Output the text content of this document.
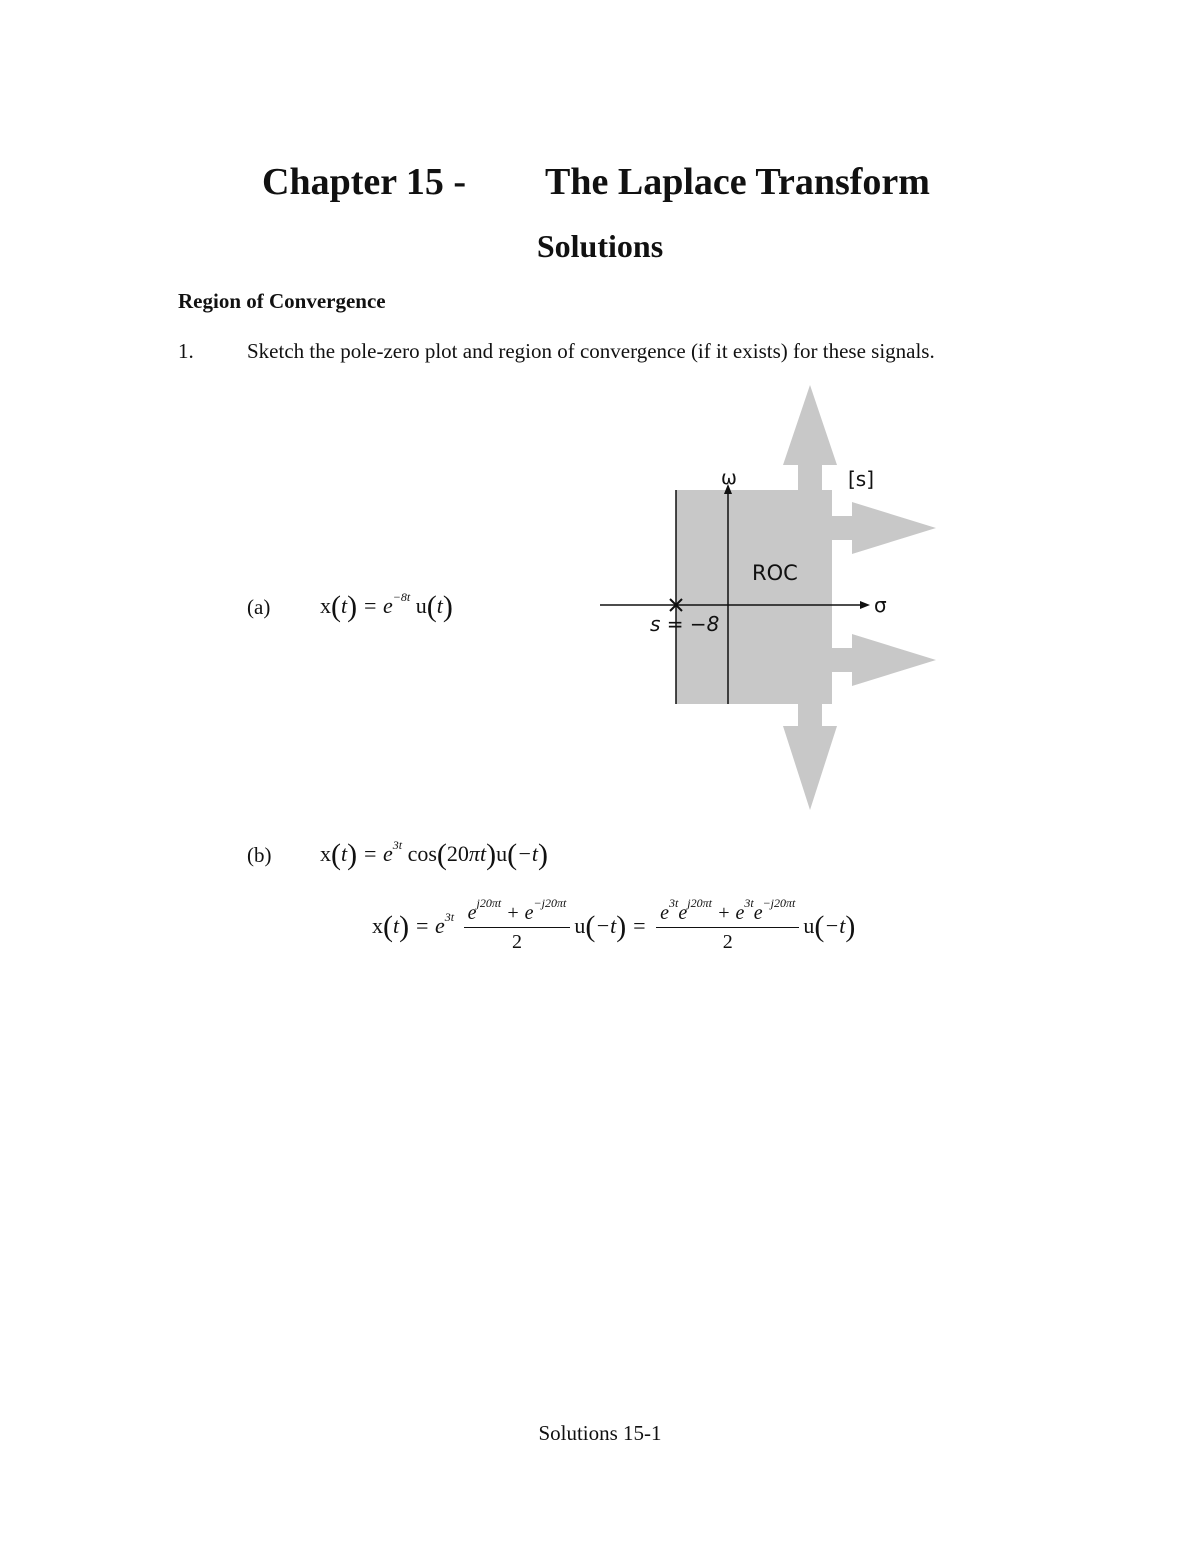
Chapter 15 - The Laplace Transform
Solutions
Region of Convergence
1.	Sketch the pole-zero plot and region of convergence (if it exists) for these signals.
(a) $x(t) = e^{-8t}$ u(t)
ω
σ
[s]
ROC
s = −8
(b) $x(t) = e^{3t}$ cos(20πt)u(−t)
$x(t) = e^{3t} \frac{e^{j20\pi t} + e^{-j20\pi t}}{2} u(-t) = \frac{e^{3t}e^{j20\pi t} + e^{3t}e^{-j20\pi t}}{2} u(-t)$
Solutions 15-1
